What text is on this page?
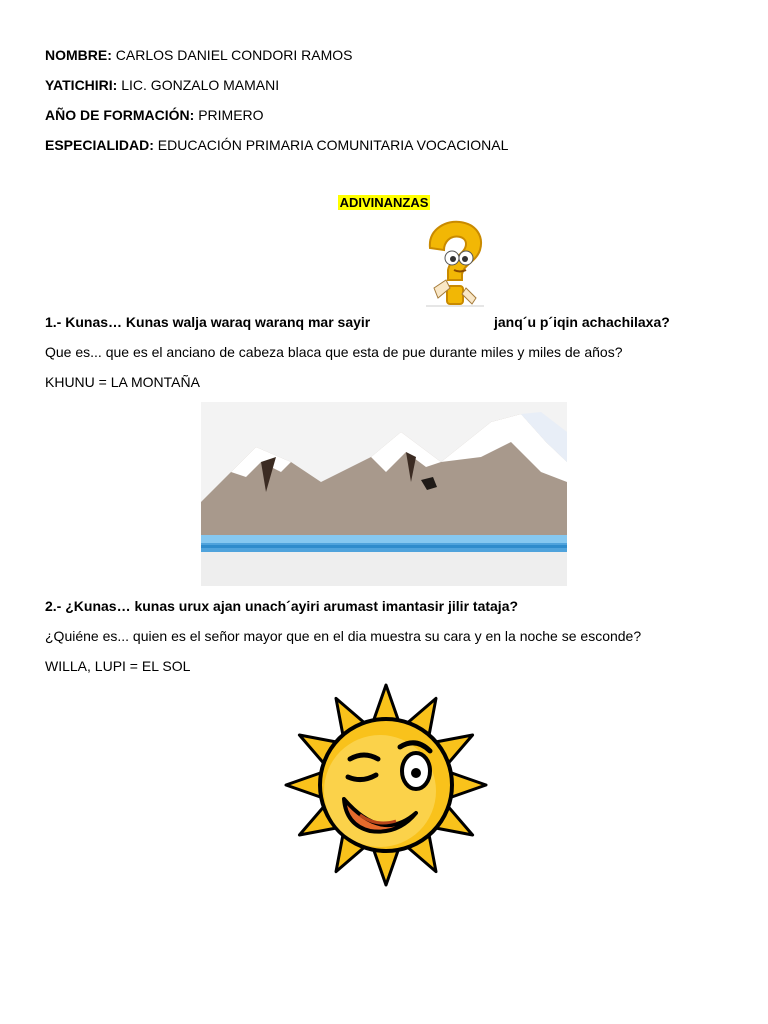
NOMBRE: CARLOS DANIEL CONDORI RAMOS
YATICHIRI: LIC. GONZALO MAMANI
AÑO DE FORMACIÓN: PRIMERO
ESPECIALIDAD: EDUCACIÓN PRIMARIA COMUNITARIA VOCACIONAL
ADIVINANZAS
1.- Kunas… Kunas walja waraq waranq mar sayir	janq´u p´iqin achachilaxa?
Que es... que es el anciano de cabeza blaca que esta de pue durante miles y miles de años?
KHUNU = LA MONTAÑA
2.- ¿Kunas… kunas urux ajan unach´ayiri arumast imantasir jilir tataja?
¿Quiéne es... quien es el señor mayor que en el dia muestra su cara y en la noche se esconde?
WILLA, LUPI = EL SOL
